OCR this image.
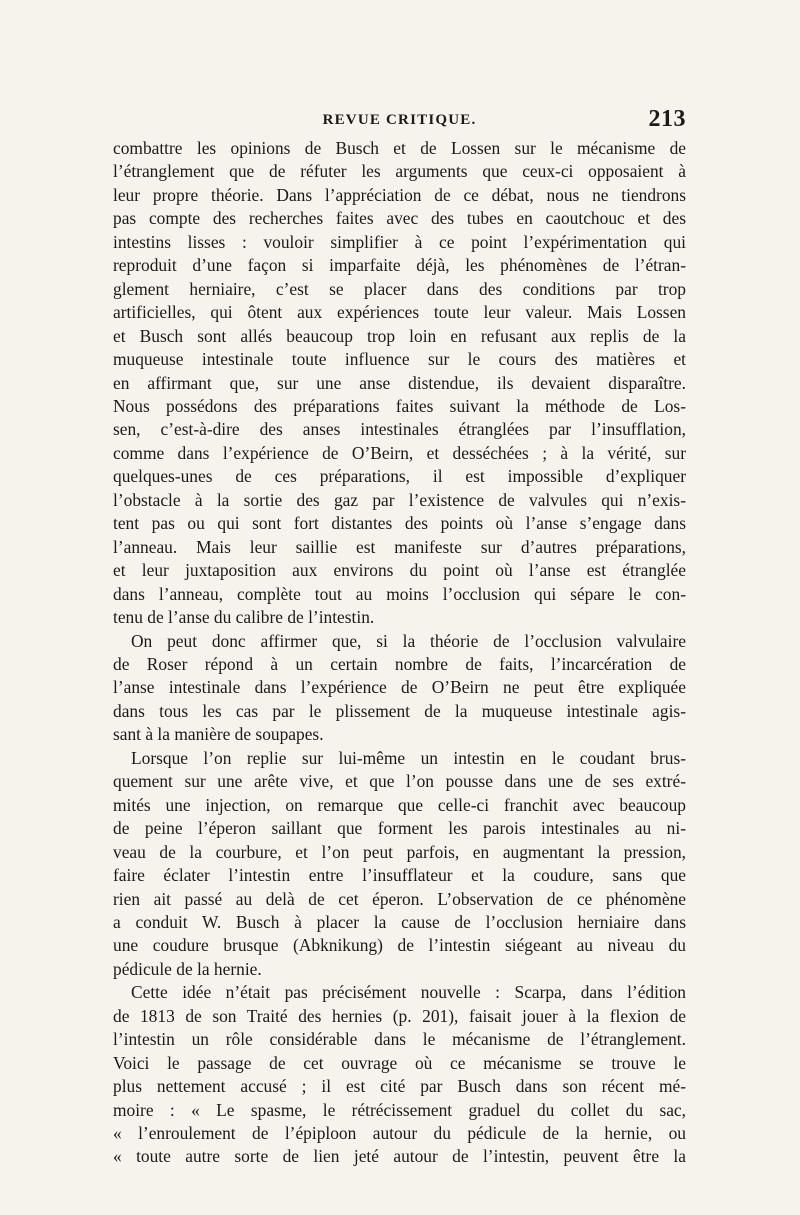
REVUE CRITIQUE.	213
combattre les opinions de Busch et de Lossen sur le mécanisme de
l’étranglement que de réfuter les arguments que ceux-ci opposaient à
leur propre théorie. Dans l’appréciation de ce débat, nous ne tiendrons
pas compte des recherches faites avec des tubes en caoutchouc et des
intestins lisses : vouloir simplifier à ce point l’expérimentation qui
reproduit d’une façon si imparfaite déjà, les phénomènes de l’étran-
glement herniaire, c’est se placer dans des conditions par trop
artificielles, qui ôtent aux expériences toute leur valeur. Mais Lossen
et Busch sont allés beaucoup trop loin en refusant aux replis de la
muqueuse intestinale toute influence sur le cours des matières et
en affirmant que, sur une anse distendue, ils devaient disparaître.
Nous possédons des préparations faites suivant la méthode de Los-
sen, c’est-à-dire des anses intestinales étranglées par l’insufflation,
comme dans l’expérience de O’Beirn, et desséchées ; à la vérité, sur
quelques-unes de ces préparations, il est impossible d’expliquer
l’obstacle à la sortie des gaz par l’existence de valvules qui n’exis-
tent pas ou qui sont fort distantes des points où l’anse s’engage dans
l’anneau. Mais leur saillie est manifeste sur d’autres préparations,
et leur juxtaposition aux environs du point où l’anse est étranglée
dans l’anneau, complète tout au moins l’occlusion qui sépare le con-
tenu de l’anse du calibre de l’intestin.
On peut donc affirmer que, si la théorie de l’occlusion valvulaire
de Roser répond à un certain nombre de faits, l’incarcération de
l’anse intestinale dans l’expérience de O’Beirn ne peut être expliquée
dans tous les cas par le plissement de la muqueuse intestinale agis-
sant à la manière de soupapes.
Lorsque l’on replie sur lui-même un intestin en le coudant brus-
quement sur une arête vive, et que l’on pousse dans une de ses extré-
mités une injection, on remarque que celle-ci franchit avec beaucoup
de peine l’éperon saillant que forment les parois intestinales au ni-
veau de la courbure, et l’on peut parfois, en augmentant la pression,
faire éclater l’intestin entre l’insufflateur et la coudure, sans que
rien ait passé au delà de cet éperon. L’observation de ce phénomène
a conduit W. Busch à placer la cause de l’occlusion herniaire dans
une coudure brusque (Abknikung) de l’intestin siégeant au niveau du
pédicule de la hernie.
Cette idée n’était pas précisément nouvelle : Scarpa, dans l’édition
de 1813 de son Traité des hernies (p. 201), faisait jouer à la flexion de
l’intestin un rôle considérable dans le mécanisme de l’étranglement.
Voici le passage de cet ouvrage où ce mécanisme se trouve le
plus nettement accusé ; il est cité par Busch dans son récent mé-
moire : « Le spasme, le rétrécissement graduel du collet du sac,
« l’enroulement de l’épiploon autour du pédicule de la hernie, ou
« toute autre sorte de lien jeté autour de l’intestin, peuvent être la
